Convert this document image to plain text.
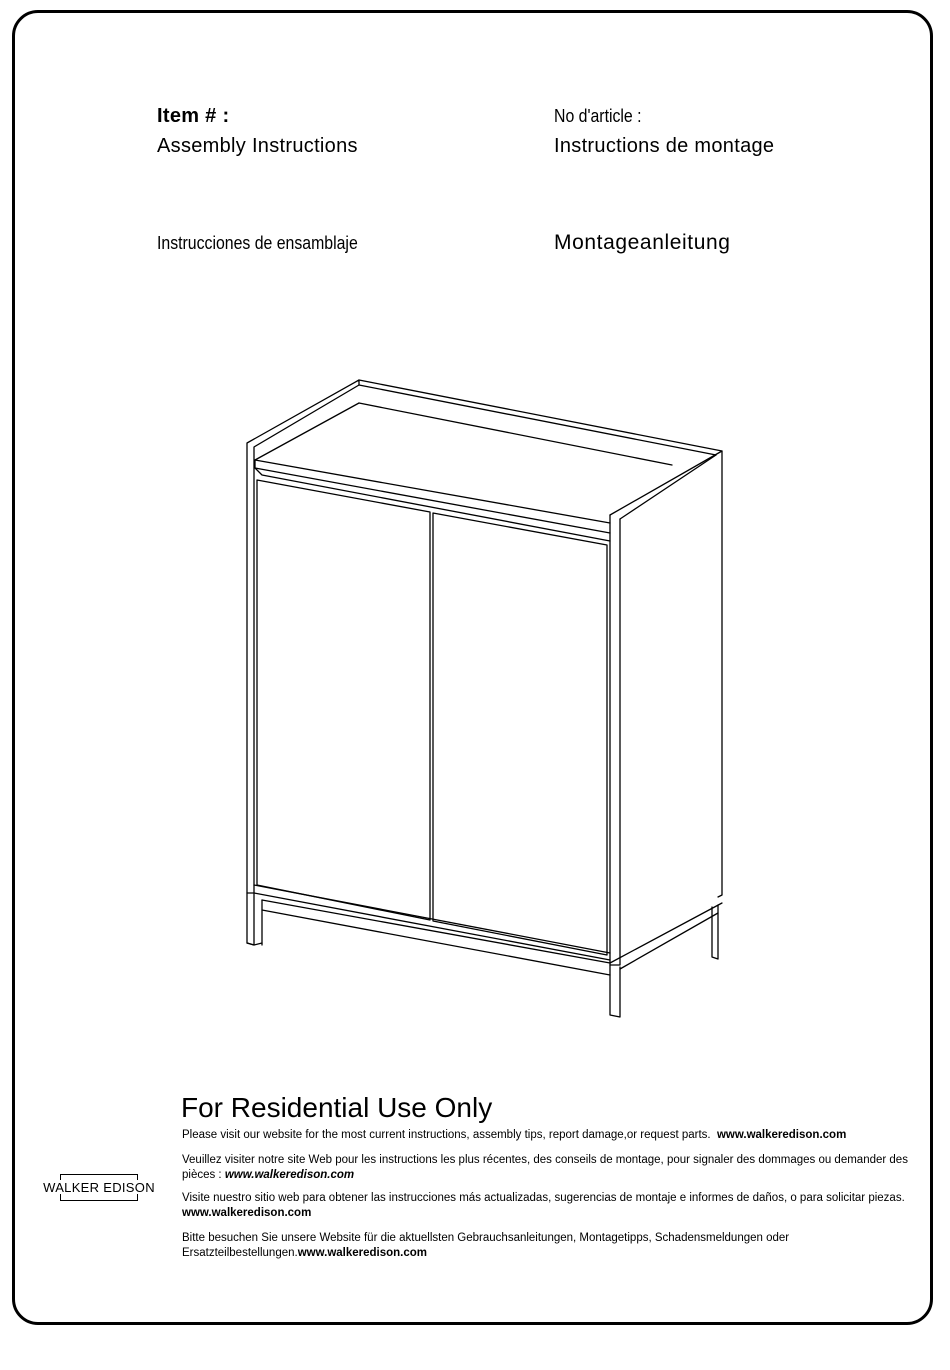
Item # :
Assembly Instructions
No d'article :
Instructions de montage
Instrucciones de ensamblaje	Montageanleitung
For Residential Use Only
Please visit our website for the most current instructions, assembly tips, report damage,or request parts. www.walkeredison.com
Veuillez visiter notre site Web pour les instructions les plus récentes, des conseils de montage, pour signaler des dommages ou demander des pièces : www.walkeredison.com
Visite nuestro sitio web para obtener las instrucciones más actualizadas, sugerencias de montaje e informes de daños, o para solicitar piezas. www.walkeredison.com
Bitte besuchen Sie unsere Website für die aktuellsten Gebrauchsanleitungen, Montagetipps, Schadensmeldungen oder Ersatzteilbestellungen.www.walkeredison.com
WALKER EDISON
